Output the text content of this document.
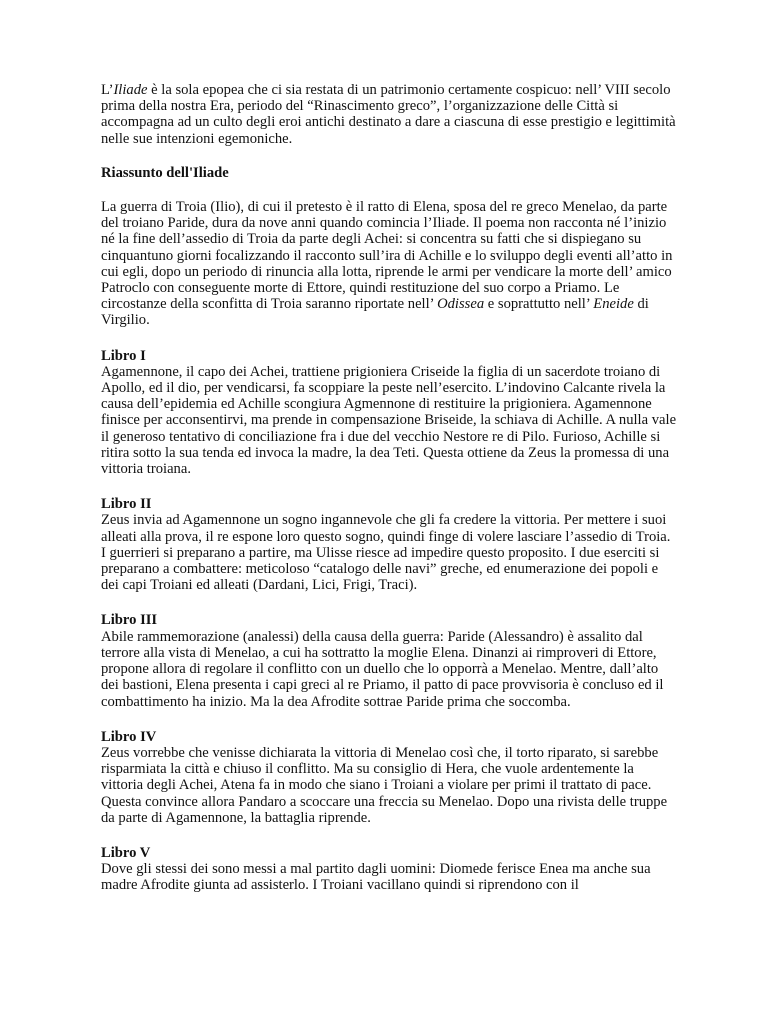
L’Iliade è la sola epopea che ci sia restata di un patrimonio certamente cospicuo: nell’ VIII secolo prima della nostra Era, periodo del “Rinascimento greco”, l’organizzazione delle Città si accompagna ad un culto degli eroi antichi destinato a dare a ciascuna di esse prestigio e legittimità nelle sue intenzioni egemoniche.

Riassunto dell'Iliade

La guerra di Troia (Ilio), di cui il pretesto è il ratto di Elena, sposa del re greco Menelao, da parte del troiano Paride, dura da nove anni quando comincia l’Iliade. Il poema non racconta né l’inizio né la fine dell’assedio di Troia da parte degli Achei: si concentra su fatti che si dispiegano su cinquantuno giorni focalizzando il racconto sull’ira di Achille e lo sviluppo degli eventi all’atto in cui egli, dopo un periodo di rinuncia alla lotta, riprende le armi per vendicare la morte dell’ amico Patroclo con conseguente morte di Ettore, quindi restituzione del suo corpo a Priamo. Le circostanze della sconfitta di Troia saranno riportate nell’ Odissea e soprattutto nell’ Eneide di Virgilio.

Libro I

Agamennone, il capo dei Achei, trattiene prigioniera Criseide la figlia di un sacerdote troiano di Apollo, ed il dio, per vendicarsi, fa scoppiare la peste nell’esercito. L’indovino Calcante rivela la causa dell’epidemia ed Achille scongiura Agmennone di restituire la prigioniera. Agamennone finisce per acconsentirvi, ma prende in compensazione Briseide, la schiava di Achille. A nulla vale il generoso tentativo di conciliazione fra i due del vecchio Nestore re di Pilo. Furioso, Achille si ritira sotto la sua tenda ed invoca la madre, la dea Teti. Questa ottiene da Zeus la promessa di una vittoria troiana.

Libro II

Zeus invia ad Agamennone un sogno ingannevole che gli fa credere la vittoria. Per mettere i suoi alleati alla prova, il re espone loro questo sogno, quindi finge di volere lasciare l’assedio di Troia. I guerrieri si preparano a partire, ma Ulisse riesce ad impedire questo proposito. I due eserciti si preparano a combattere: meticoloso “catalogo delle navi” greche, ed enumerazione dei popoli e dei capi Troiani ed alleati (Dardani, Lici, Frigi, Traci).

Libro III

Abile rammemorazione (analessi) della causa della guerra: Paride (Alessandro) è assalito dal terrore alla vista di Menelao, a cui ha sottratto la moglie Elena. Dinanzi ai rimproveri di Ettore, propone allora di regolare il conflitto con un duello che lo opporrà a Menelao. Mentre, dall’alto dei bastioni, Elena presenta i capi greci al re Priamo, il patto di pace provvisoria è concluso ed il combattimento ha inizio. Ma la dea Afrodite sottrae Paride prima che soccomba.

Libro IV

Zeus vorrebbe che venisse dichiarata la vittoria di Menelao così che, il torto riparato, si sarebbe risparmiata la città e chiuso il conflitto. Ma su consiglio di Hera, che vuole ardentemente la vittoria degli Achei, Atena fa in modo che siano i Troiani a violare per primi il trattato di pace. Questa convince allora Pandaro a scoccare una freccia su Menelao. Dopo una rivista delle truppe da parte di Agamennone, la battaglia riprende.

Libro V

Dove gli stessi dei sono messi a mal partito dagli uomini: Diomede ferisce Enea ma anche sua madre Afrodite giunta ad assisterlo. I Troiani vacillano quindi si riprendono con il
